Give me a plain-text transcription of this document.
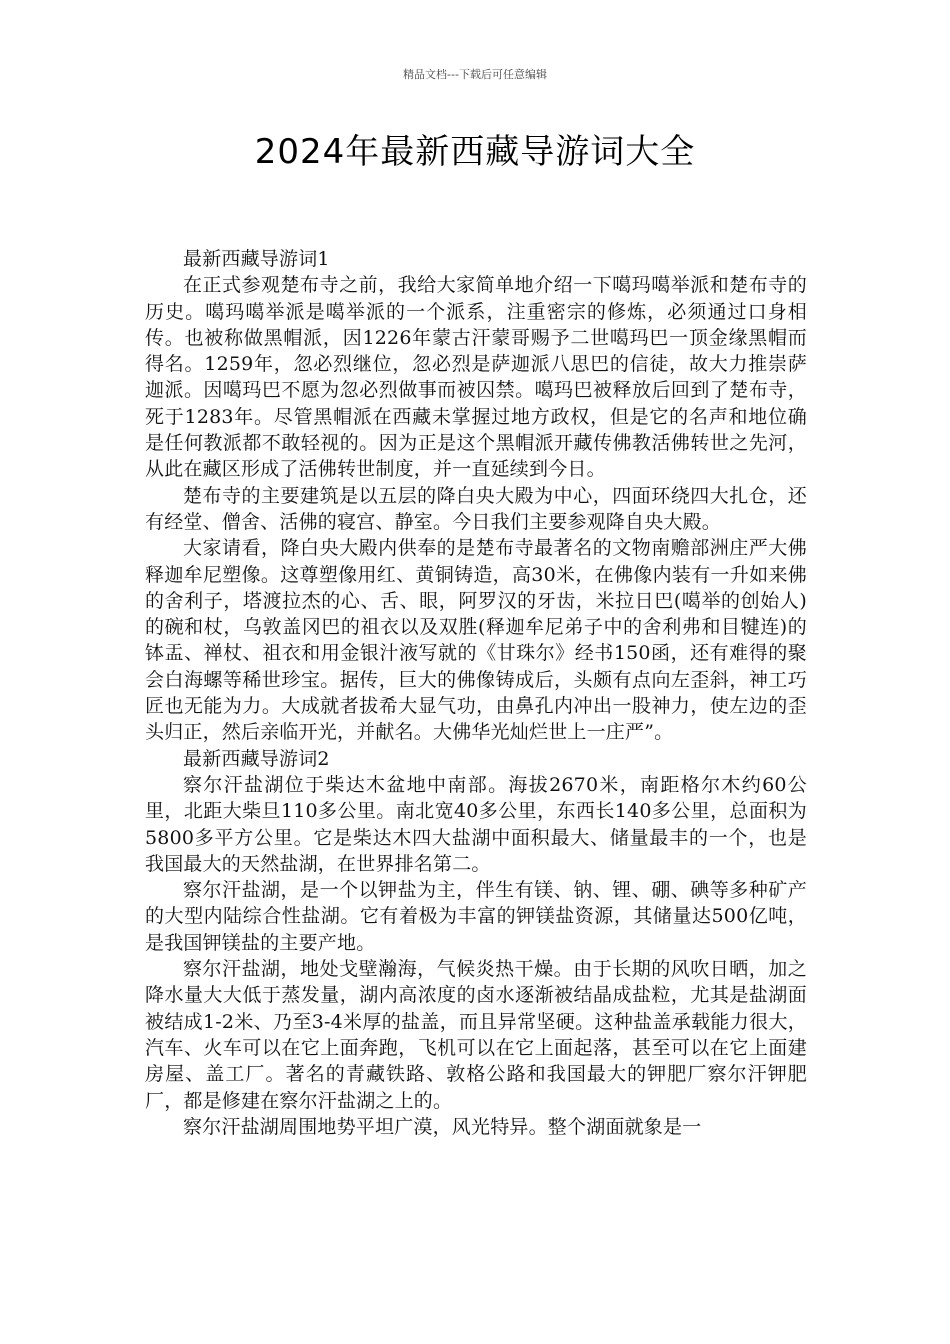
精品文档---下载后可任意编辑
2024年最新西藏导游词大全

最新西藏导游词1

在正式参观楚布寺之前，我给大家简单地介绍一下噶玛噶举派和楚布寺的历史。噶玛噶举派是噶举派的一个派系，注重密宗的修炼，必须通过口身相传。也被称做黑帽派，因1226年蒙古汗蒙哥赐予二世噶玛巴一顶金缘黑帽而得名。1259年，忽必烈继位，忽必烈是萨迦派八思巴的信徒，故大力推崇萨迦派。因噶玛巴不愿为忽必烈做事而被囚禁。噶玛巴被释放后回到了楚布寺，死于1283年。尽管黑帽派在西藏未掌握过地方政权，但是它的名声和地位确是任何教派都不敢轻视的。因为正是这个黑帽派开藏传佛教活佛转世之先河，从此在藏区形成了活佛转世制度，并一直延续到今日。

楚布寺的主要建筑是以五层的降白央大殿为中心，四面环绕四大扎仓，还有经堂、僧舍、活佛的寝宫、静室。今日我们主要参观降自央大殿。

大家请看，降白央大殿内供奉的是楚布寺最著名的文物南赡部洲庄严大佛释迦牟尼塑像。这尊塑像用红、黄铜铸造，高30米，在佛像内装有一升如来佛的舍利子，塔渡拉杰的心、舌、眼，阿罗汉的牙齿，米拉日巴(噶举的创始人)的碗和杖，乌敦盖冈巴的祖衣以及双胜(释迦牟尼弟子中的舍利弗和目犍连)的钵盂、禅杖、祖衣和用金银汁液写就的《甘珠尔》经书150函，还有难得的聚会白海螺等稀世珍宝。据传，巨大的佛像铸成后，头颇有点向左歪斜，神工巧匠也无能为力。大成就者拔希大显气功，由鼻孔内冲出一股神力，使左边的歪头归正，然后亲临开光，并献名。大佛华光灿烂世上一庄严”。

最新西藏导游词2

察尔汗盐湖位于柴达木盆地中南部。海拔2670米，南距格尔木约60公里，北距大柴旦110多公里。南北宽40多公里，东西长140多公里，总面积为5800多平方公里。它是柴达木四大盐湖中面积最大、储量最丰的一个，也是我国最大的天然盐湖，在世界排名第二。

察尔汗盐湖，是一个以钾盐为主，伴生有镁、钠、锂、硼、碘等多种矿产的大型内陆综合性盐湖。它有着极为丰富的钾镁盐资源，其储量达500亿吨，是我国钾镁盐的主要产地。

察尔汗盐湖，地处戈壁瀚海，气候炎热干燥。由于长期的风吹日晒，加之降水量大大低于蒸发量，湖内高浓度的卤水逐渐被结晶成盐粒，尤其是盐湖面被结成1-2米、乃至3-4米厚的盐盖，而且异常坚硬。这种盐盖承载能力很大，汽车、火车可以在它上面奔跑，飞机可以在它上面起落，甚至可以在它上面建房屋、盖工厂。著名的青藏铁路、敦格公路和我国最大的钾肥厂察尔汗钾肥厂，都是修建在察尔汗盐湖之上的。

察尔汗盐湖周围地势平坦广漠，风光特异。整个湖面就象是一
